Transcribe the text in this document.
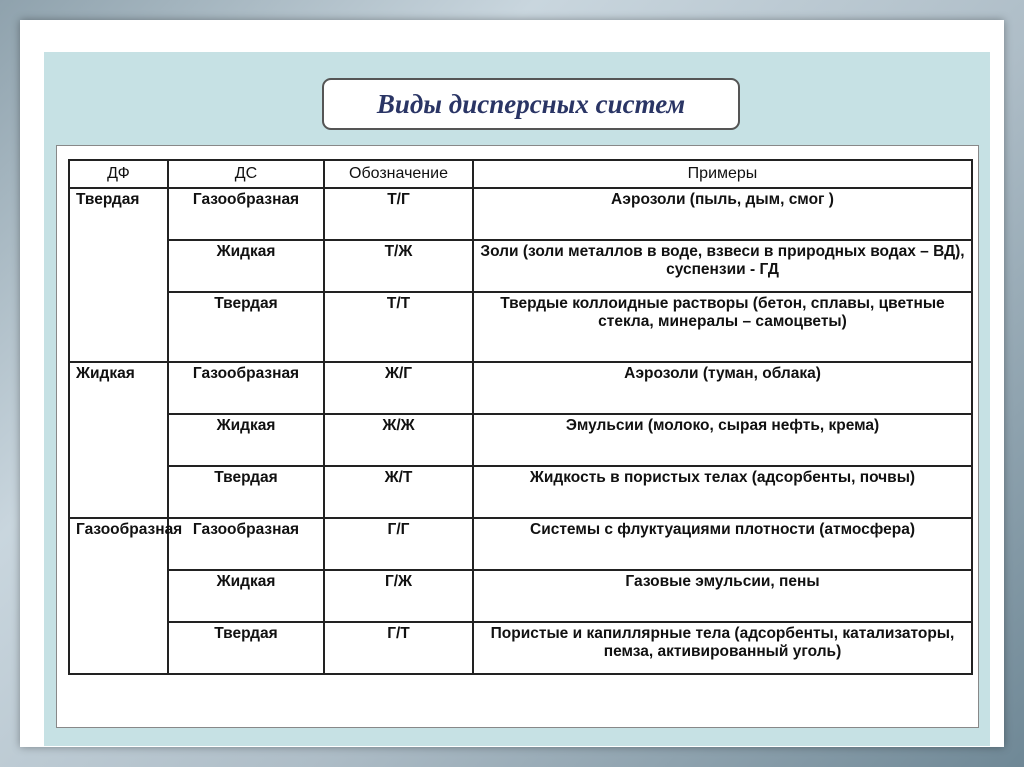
Виды дисперсных систем
ДФ	ДС	Обозначение	Примеры
Твердая	Газообразная	Т/Г	Аэрозоли (пыль, дым, смог )
	Жидкая	Т/Ж	Золи (золи металлов в воде, взвеси в природных водах – ВД), суспензии - ГД
	Твердая	Т/Т	Твердые коллоидные растворы (бетон, сплавы, цветные стекла, минералы – самоцветы)
Жидкая	Газообразная	Ж/Г	Аэрозоли (туман, облака)
	Жидкая	Ж/Ж	Эмульсии (молоко, сырая нефть, крема)
	Твердая	Ж/Т	Жидкость в пористых телах (адсорбенты, почвы)
Газообразная	Газообразная	Г/Г	Системы с флуктуациями плотности (атмосфера)
	Жидкая	Г/Ж	Газовые эмульсии, пены
	Твердая	Г/Т	Пористые и капиллярные тела (адсорбенты, катализаторы, пемза, активированный уголь)
